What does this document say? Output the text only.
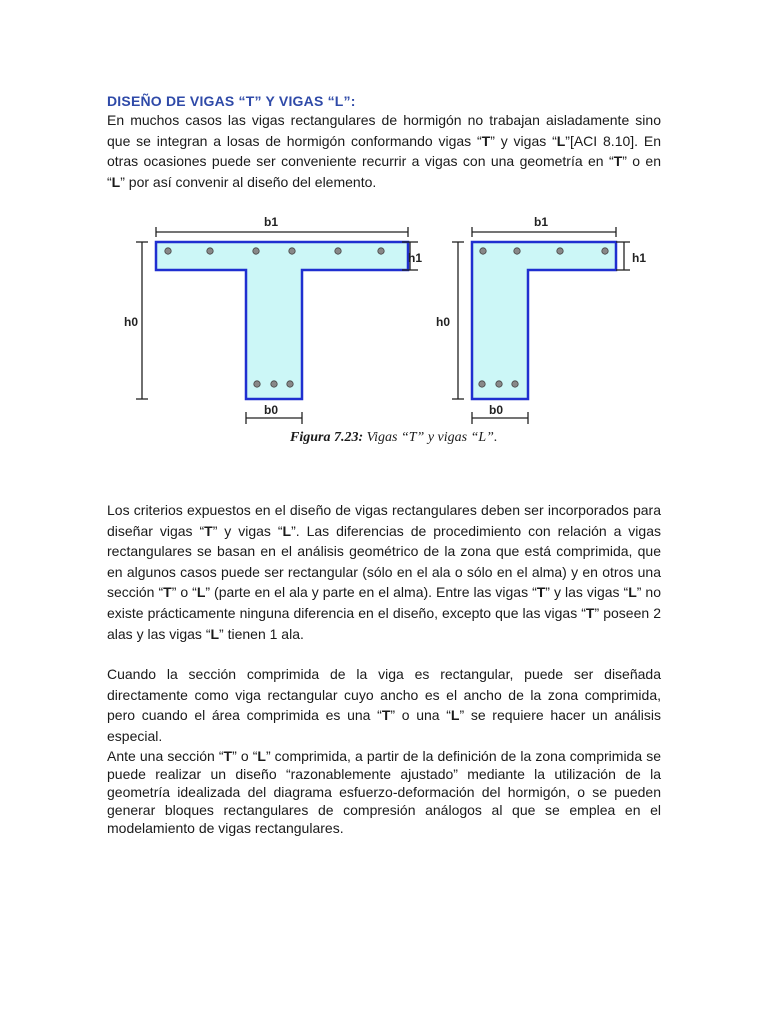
DISEÑO DE VIGAS “T” Y VIGAS “L”:

En muchos casos las vigas rectangulares de hormigón no trabajan aisladamente sino que se integran a losas de hormigón conformando vigas “T” y vigas “L”[ACI 8.10]. En otras ocasiones puede ser conveniente recurrir a vigas con una geometría en “T” o en “L” por así convenir al diseño del elemento.

b1
h1
h0
b0
b1
h1
h0
b0
Figura 7.23: Vigas “T” y vigas “L”.

Los criterios expuestos en el diseño de vigas rectangulares deben ser incorporados para diseñar vigas “T” y vigas “L”. Las diferencias de procedimiento con relación a vigas rectangulares se basan en el análisis geométrico de la zona que está comprimida, que en algunos casos puede ser rectangular (sólo en el ala o sólo en el alma) y en otros una sección “T” o “L” (parte en el ala y parte en el alma). Entre las vigas “T” y las vigas “L” no existe prácticamente ninguna diferencia en el diseño, excepto que las vigas “T” poseen 2 alas y las vigas “L” tienen 1 ala.

Cuando la sección comprimida de la viga es rectangular, puede ser diseñada directamente como viga rectangular cuyo ancho es el ancho de la zona comprimida, pero cuando el área comprimida es una “T” o una “L” se requiere hacer un análisis especial.

Ante una sección “T” o “L” comprimida, a partir de la definición de la zona comprimida se puede realizar un diseño “razonablemente ajustado” mediante la utilización de la geometría idealizada del diagrama esfuerzo-deformación del hormigón, o se pueden generar bloques rectangulares de compresión análogos al que se emplea en el modelamiento de vigas rectangulares.
